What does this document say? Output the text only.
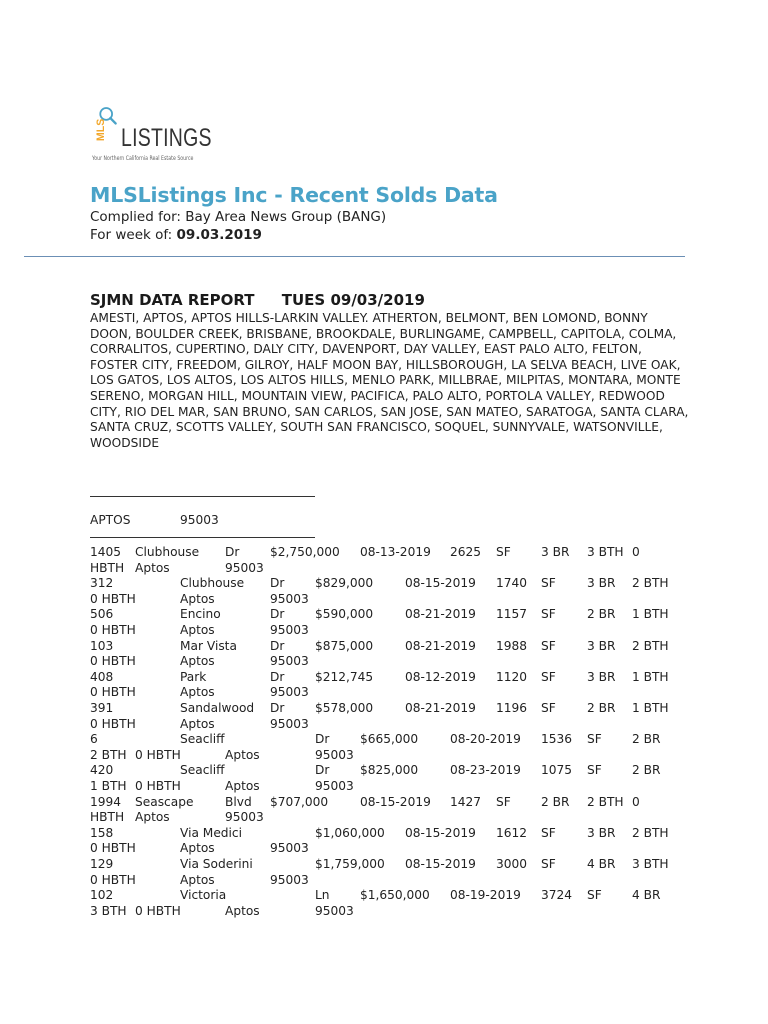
MLS LISTINGS
Your Northern California Real Estate Source
MLSListings Inc - Recent Solds Data
Complied for: Bay Area News Group (BANG)
For week of: 09.03.2019
SJMN DATA REPORT TUES 09/03/2019
AMESTI, APTOS, APTOS HILLS-LARKIN VALLEY. ATHERTON, BELMONT, BEN LOMOND, BONNY DOON, BOULDER CREEK, BRISBANE, BROOKDALE, BURLINGAME, CAMPBELL, CAPITOLA, COLMA, CORRALITOS, CUPERTINO, DALY CITY, DAVENPORT, DAY VALLEY, EAST PALO ALTO, FELTON, FOSTER CITY, FREEDOM, GILROY, HALF MOON BAY, HILLSBOROUGH, LA SELVA BEACH, LIVE OAK, LOS GATOS, LOS ALTOS, LOS ALTOS HILLS, MENLO PARK, MILLBRAE, MILPITAS, MONTARA, MONTE SERENO, MORGAN HILL, MOUNTAIN VIEW, PACIFICA, PALO ALTO, PORTOLA VALLEY, REDWOOD CITY, RIO DEL MAR, SAN BRUNO, SAN CARLOS, SAN JOSE, SAN MATEO, SARATOGA, SANTA CLARA, SANTA CRUZ, SCOTTS VALLEY, SOUTH SAN FRANCISCO, SOQUEL, SUNNYVALE, WATSONVILLE, WOODSIDE
APTOS	95003
1405 Clubhouse Dr	$2,750,000 08-13-2019 2625 SF 3 BR 3 BTH 0
HBTH Aptos	95003
312	Clubhouse Dr	$829,000	08-15-2019 1740 SF	3 BR 2 BTH
0 HBTH	Aptos	95003
506	Encino	Dr	$590,000	08-21-2019 1157 SF	2 BR 1 BTH
0 HBTH	Aptos	95003
103	Mar Vista	Dr	$875,000	08-21-2019 1988 SF	3 BR 2 BTH
0 HBTH	Aptos	95003
408	Park	Dr	$212,745	08-12-2019 1120 SF	3 BR 1 BTH
0 HBTH	Aptos	95003
391	Sandalwood Dr	$578,000	08-21-2019 1196 SF	2 BR 1 BTH
0 HBTH	Aptos	95003
6	Seacliff	Dr	$665,000	08-20-2019 1536 SF 2 BR
2 BTH 0 HBTH	Aptos	95003
420	Seacliff	Dr	$825,000	08-23-2019 1075 SF 2 BR
1 BTH 0 HBTH	Aptos	95003
1994 Seascape	Blvd $707,000	08-15-2019 1427 SF 2 BR 2 BTH 0
HBTH Aptos	95003
158	Via Medici	$1,060,000 08-15-2019 1612 SF	3 BR 2 BTH
0 HBTH	Aptos	95003
129	Via Soderini	$1,759,000 08-15-2019 3000 SF	4 BR 3 BTH
0 HBTH	Aptos	95003
102	Victoria	Ln $1,650,000 08-19-2019 3724 SF 4 BR
3 BTH 0 HBTH	Aptos	95003
